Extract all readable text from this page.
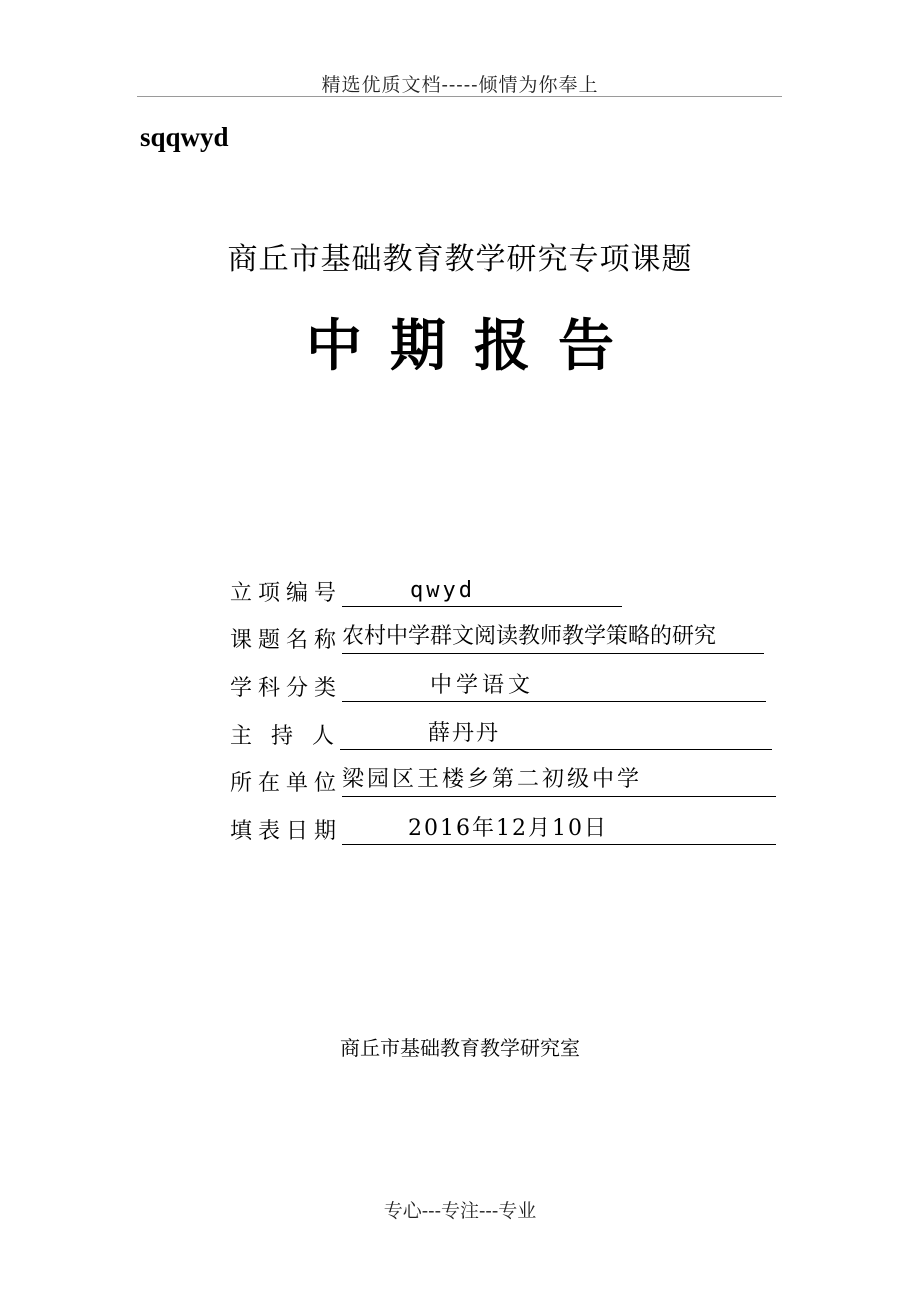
精选优质文档-----倾情为你奉上
sqqwyd
商丘市基础教育教学研究专项课题
中期报告
立项编号	qwyd
课题名称 农村中学群文阅读教师教学策略的研究
学科分类	中学语文
主 持 人	薛丹丹
所在单位 梁园区王楼乡第二初级中学
填表日期	2016年12月10日
商丘市基础教育教学研究室
专心---专注---专业
